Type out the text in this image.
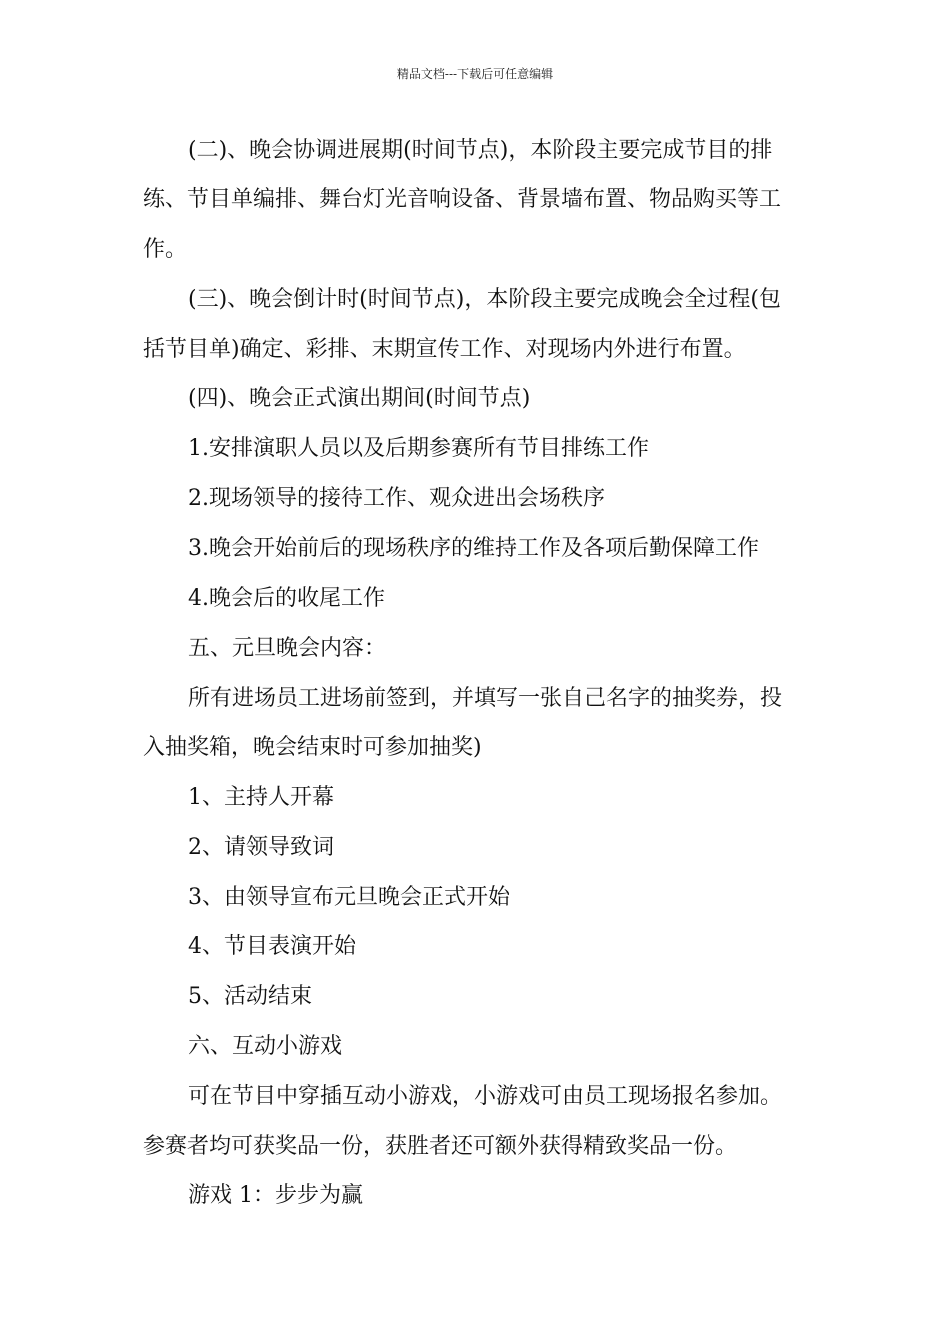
精品文档---下载后可任意编辑
(二)、晚会协调进展期(时间节点)，本阶段主要完成节目的排
练、节目单编排、舞台灯光音响设备、背景墙布置、物品购买等工
作。
(三)、晚会倒计时(时间节点)，本阶段主要完成晚会全过程(包
括节目单)确定、彩排、末期宣传工作、对现场内外进行布置。
(四)、晚会正式演出期间(时间节点)
1.安排演职人员以及后期参赛所有节目排练工作
2.现场领导的接待工作、观众进出会场秩序
3.晚会开始前后的现场秩序的维持工作及各项后勤保障工作
4.晚会后的收尾工作
五、元旦晚会内容：
所有进场员工进场前签到，并填写一张自己名字的抽奖券，投
入抽奖箱，晚会结束时可参加抽奖)
1、主持人开幕
2、请领导致词
3、由领导宣布元旦晚会正式开始
4、节目表演开始
5、活动结束
六、互动小游戏
可在节目中穿插互动小游戏，小游戏可由员工现场报名参加。
参赛者均可获奖品一份，获胜者还可额外获得精致奖品一份。
游戏 1：步步为赢
